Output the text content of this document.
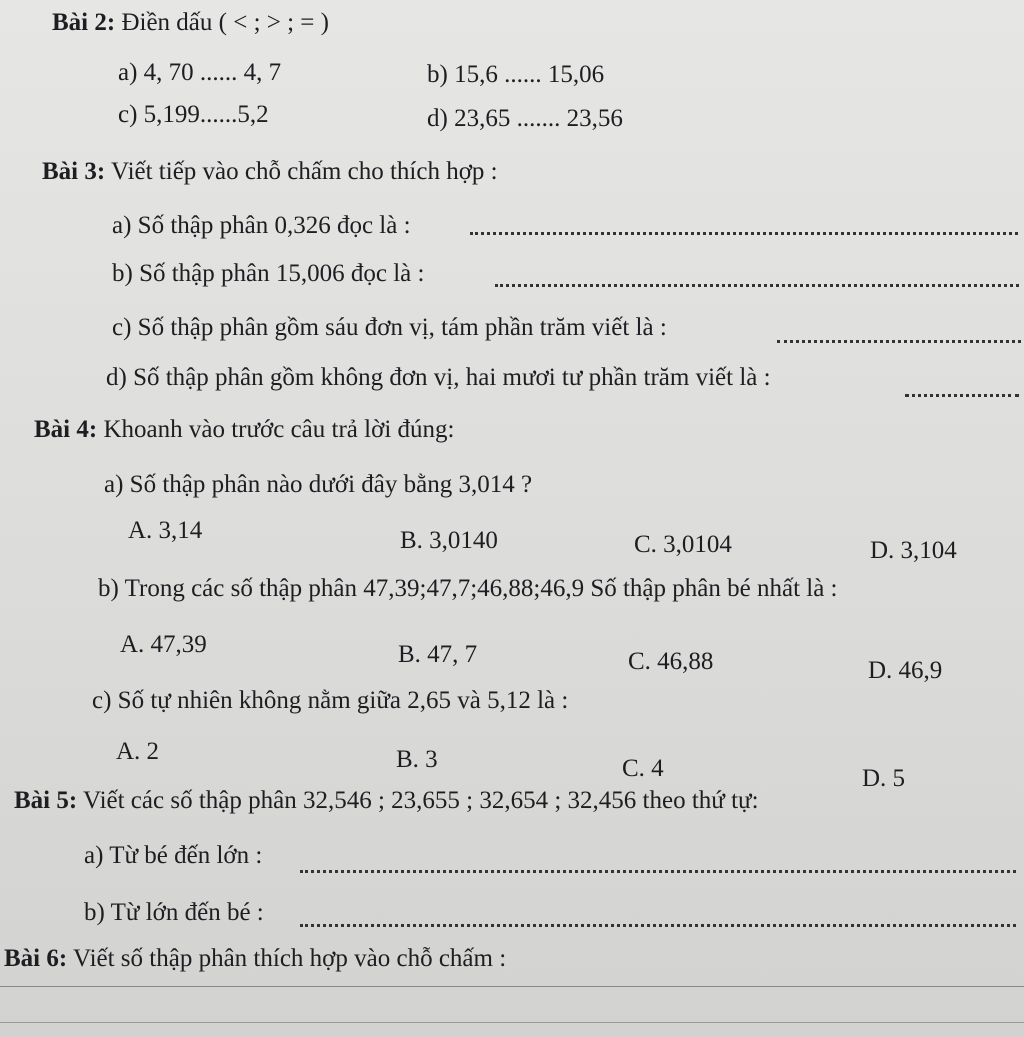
Bài 2: Điền dấu ( < ; > ; = )
a) 4, 70 ...... 4, 7	b) 15,6 ...... 15,06
c) 5,199......5,2	d) 23,65 ....... 23,56
Bài 3: Viết tiếp vào chỗ chấm cho thích hợp :
a) Số thập phân 0,326 đọc là :
b) Số thập phân 15,006 đọc là :
c) Số thập phân gồm sáu đơn vị, tám phần trăm viết là :
d) Số thập phân gồm không đơn vị, hai mươi tư phần trăm viết là :
Bài 4: Khoanh vào trước câu trả lời đúng:
a) Số thập phân nào dưới đây bằng 3,014 ?
A. 3,14	B. 3,0140	C. 3,0104	D. 3,104
b) Trong các số thập phân 47,39;47,7;46,88;46,9 Số thập phân bé nhất là :
A. 47,39	B. 47, 7	C. 46,88	D. 46,9
c) Số tự nhiên không nằm giữa 2,65 và 5,12 là :
A. 2	B. 3	C. 4	D. 5
Bài 5: Viết các số thập phân 32,546 ; 23,655 ; 32,654 ; 32,456 theo thứ tự:
a) Từ bé đến lớn :
b) Từ lớn đến bé :
Bài 6: Viết số thập phân thích hợp vào chỗ chấm :
